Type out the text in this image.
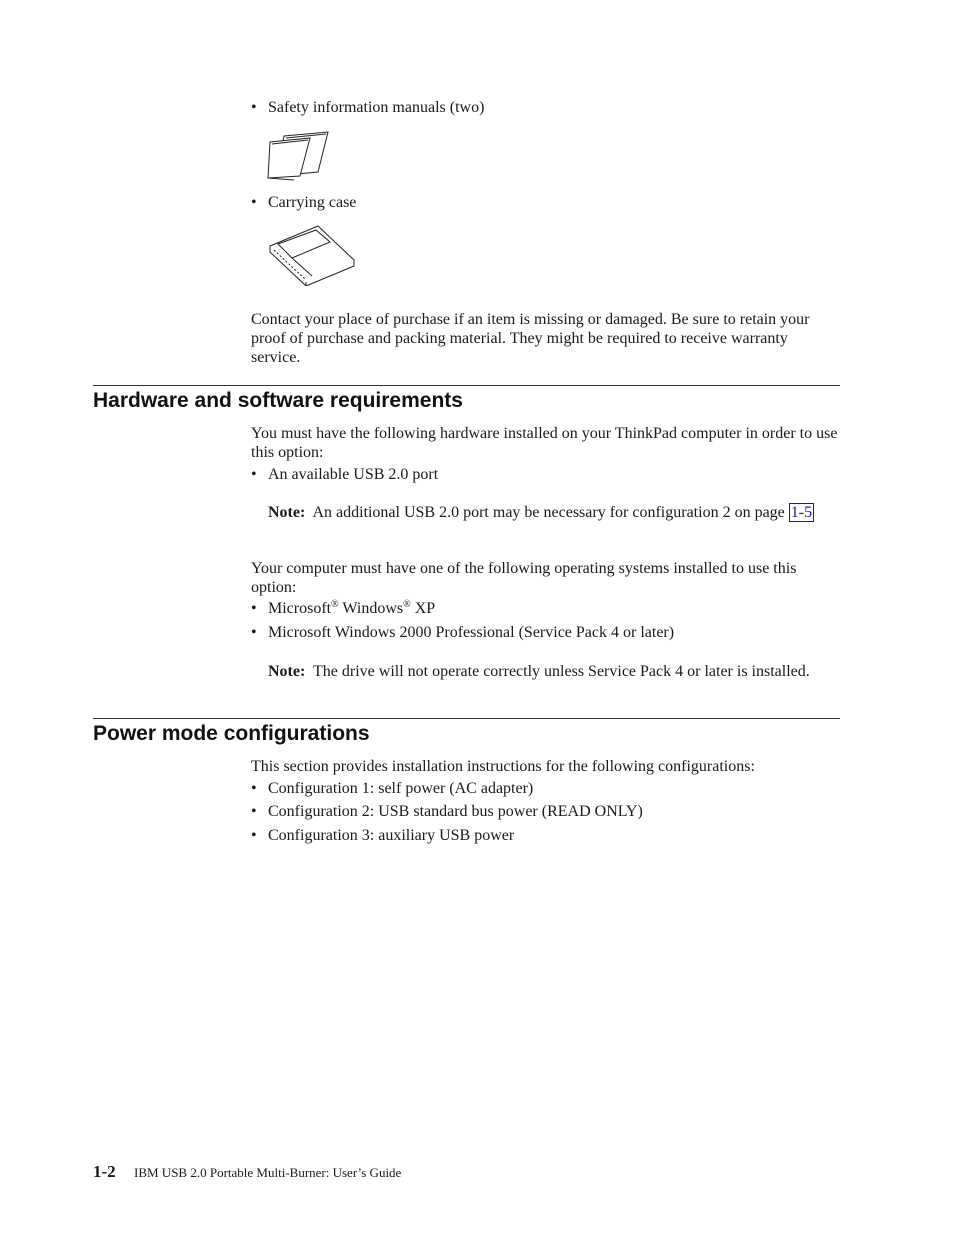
• Safety information manuals (two)
• Carrying case
Contact your place of purchase if an item is missing or damaged. Be sure to retain your proof of purchase and packing material. They might be required to receive warranty service.
Hardware and software requirements
You must have the following hardware installed on your ThinkPad computer in order to use this option:
• An available USB 2.0 port
Note: An additional USB 2.0 port may be necessary for configuration 2 on page 1-5
Your computer must have one of the following operating systems installed to use this option:
• Microsoft® Windows® XP
• Microsoft Windows 2000 Professional (Service Pack 4 or later)
Note: The drive will not operate correctly unless Service Pack 4 or later is installed.
Power mode configurations
This section provides installation instructions for the following configurations:
• Configuration 1: self power (AC adapter)
• Configuration 2: USB standard bus power (READ ONLY)
• Configuration 3: auxiliary USB power
1-2 IBM USB 2.0 Portable Multi-Burner: User’s Guide
